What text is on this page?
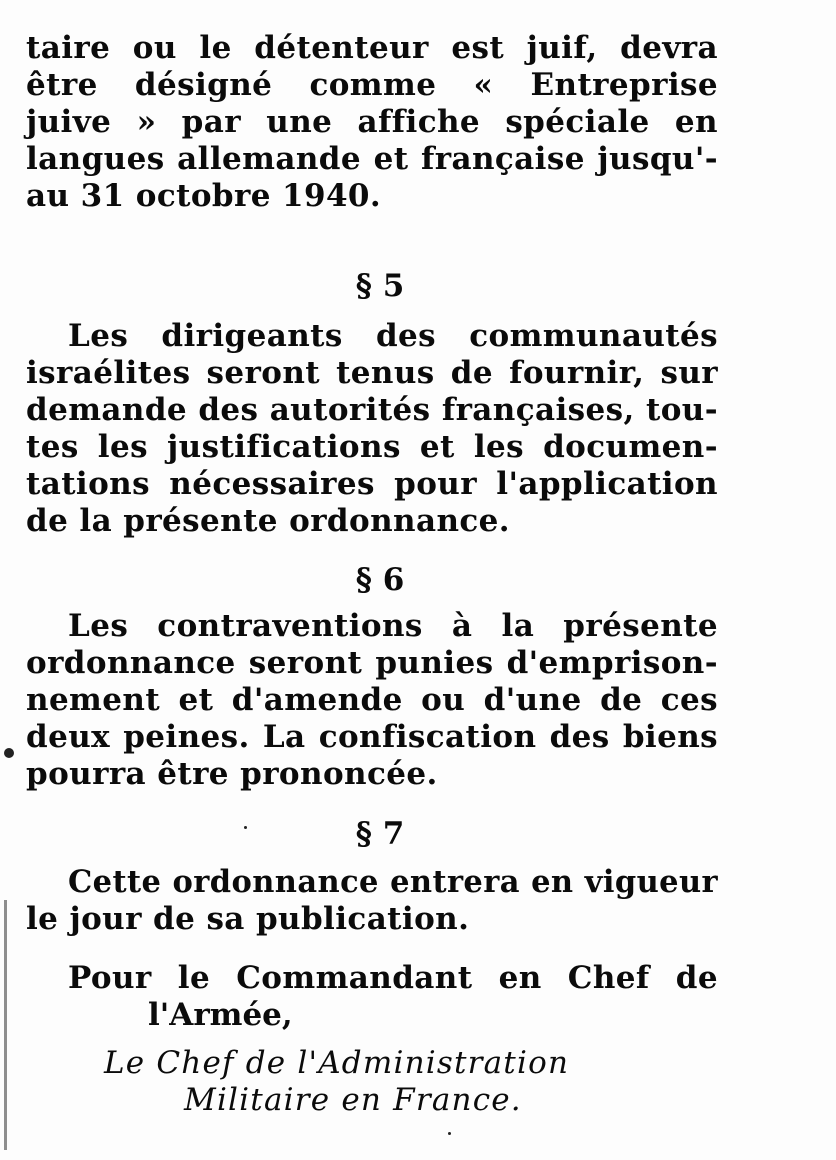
taire ou le détenteur est juif, devra
être désigné comme « Entreprise
juive » par une affiche spéciale en
langues allemande et française jusqu'-
au 31 octobre 1940.
§ 5
Les dirigeants des communautés
israélites seront tenus de fournir, sur
demande des autorités françaises, tou-
tes les justifications et les documen-
tations nécessaires pour l'application
de la présente ordonnance.
§ 6
Les contraventions à la présente
ordonnance seront punies d'emprison-
nement et d'amende ou d'une de ces
deux peines. La confiscation des biens
pourra être prononcée.
§ 7
Cette ordonnance entrera en vigueur
le jour de sa publication.
Pour le Commandant en Chef de
l'Armée,
Le Chef de l'Administration
Militaire en France.
